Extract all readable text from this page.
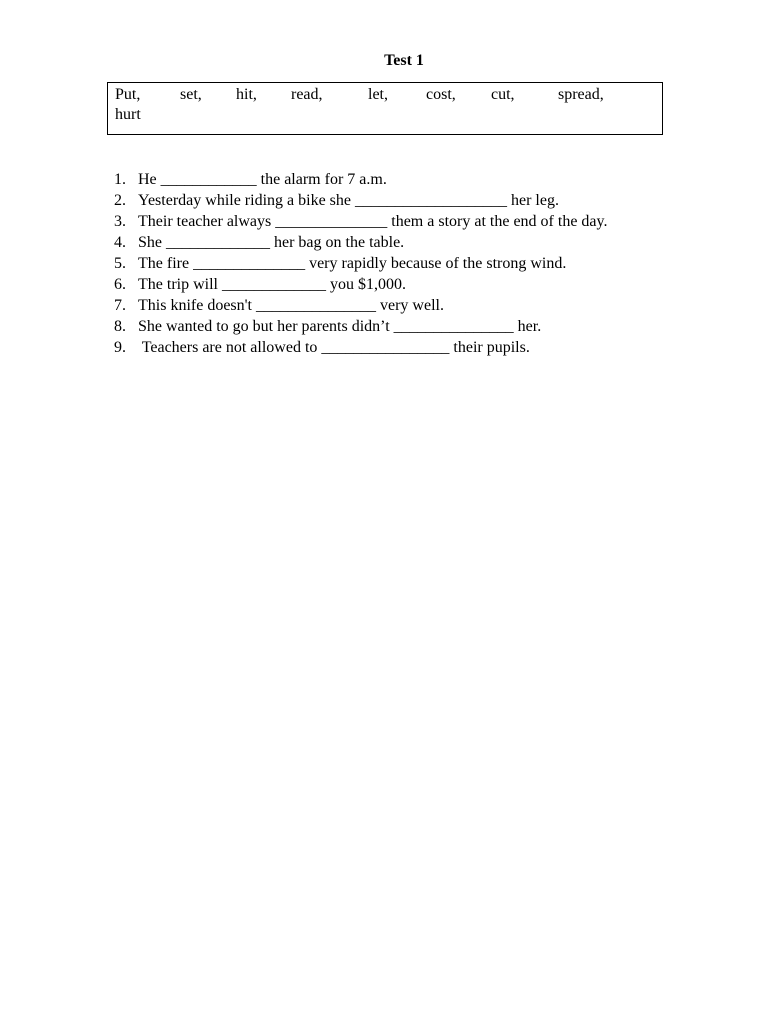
Test 1
Put, set, hit, read,	let, cost, cut,	spread,
hurt
1. He ____________ the alarm for 7 a.m.
2. Yesterday while riding a bike she ___________________ her leg.
3. Their teacher always ______________ them a story at the end of the day.
4. She _____________ her bag on the table.
5. The fire ______________ very rapidly because of the strong wind.
6. The trip will _____________ you $1,000.
7. This knife doesn't _______________ very well.
8. She wanted to go but her parents didn’t _______________ her.
9. Teachers are not allowed to ________________ their pupils.
